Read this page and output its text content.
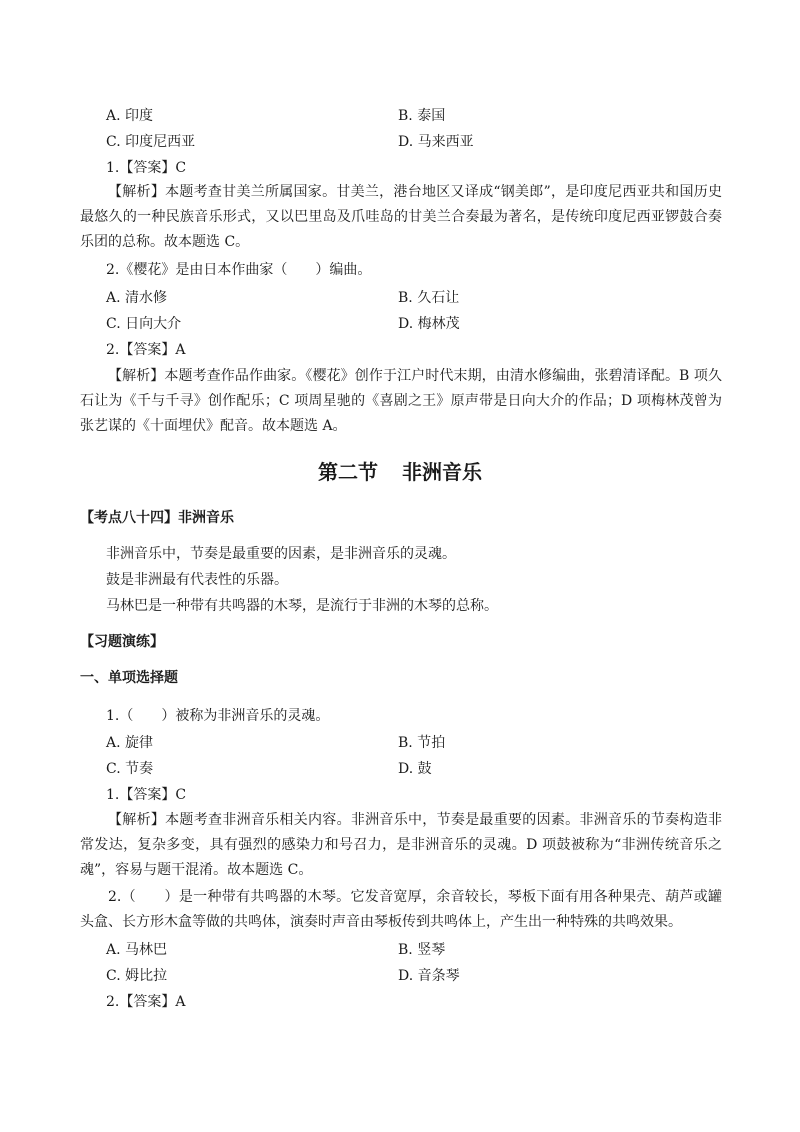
A. 印度	B. 泰国
C. 印度尼西亚	D. 马来西亚
1.【答案】C
【解析】本题考查甘美兰所属国家。甘美兰，港台地区又译成“钢美郎”，是印度尼西亚共和国历史最悠久的一种民族音乐形式，又以巴里岛及爪哇岛的甘美兰合奏最为著名，是传统印度尼西亚锣鼓合奏乐团的总称。故本题选 C。
2.《樱花》是由日本作曲家（　　）编曲。
A. 清水修	B. 久石让
C. 日向大介	D. 梅林茂
2.【答案】A
【解析】本题考查作品作曲家。《樱花》创作于江户时代末期，由清水修编曲，张碧清译配。B 项久石让为《千与千寻》创作配乐；C 项周星驰的《喜剧之王》原声带是日向大介的作品；D 项梅林茂曾为张艺谋的《十面埋伏》配音。故本题选 A。
第二节 非洲音乐
【考点八十四】非洲音乐
非洲音乐中，节奏是最重要的因素，是非洲音乐的灵魂。
鼓是非洲最有代表性的乐器。
马林巴是一种带有共鸣器的木琴，是流行于非洲的木琴的总称。
【习题演练】
一、单项选择题
1.（　　）被称为非洲音乐的灵魂。
A. 旋律	B. 节拍
C. 节奏	D. 鼓
1.【答案】C
【解析】本题考查非洲音乐相关内容。非洲音乐中，节奏是最重要的因素。非洲音乐的节奏构造非常发达，复杂多变，具有强烈的感染力和号召力，是非洲音乐的灵魂。D 项鼓被称为“非洲传统音乐之魂”，容易与题干混淆。故本题选 C。
2.（　　）是一种带有共鸣器的木琴。它发音宽厚，余音较长，琴板下面有用各种果壳、葫芦或罐头盒、长方形木盒等做的共鸣体，演奏时声音由琴板传到共鸣体上，产生出一种特殊的共鸣效果。
A. 马林巴	B. 竖琴
C. 姆比拉	D. 音条琴
2.【答案】A
